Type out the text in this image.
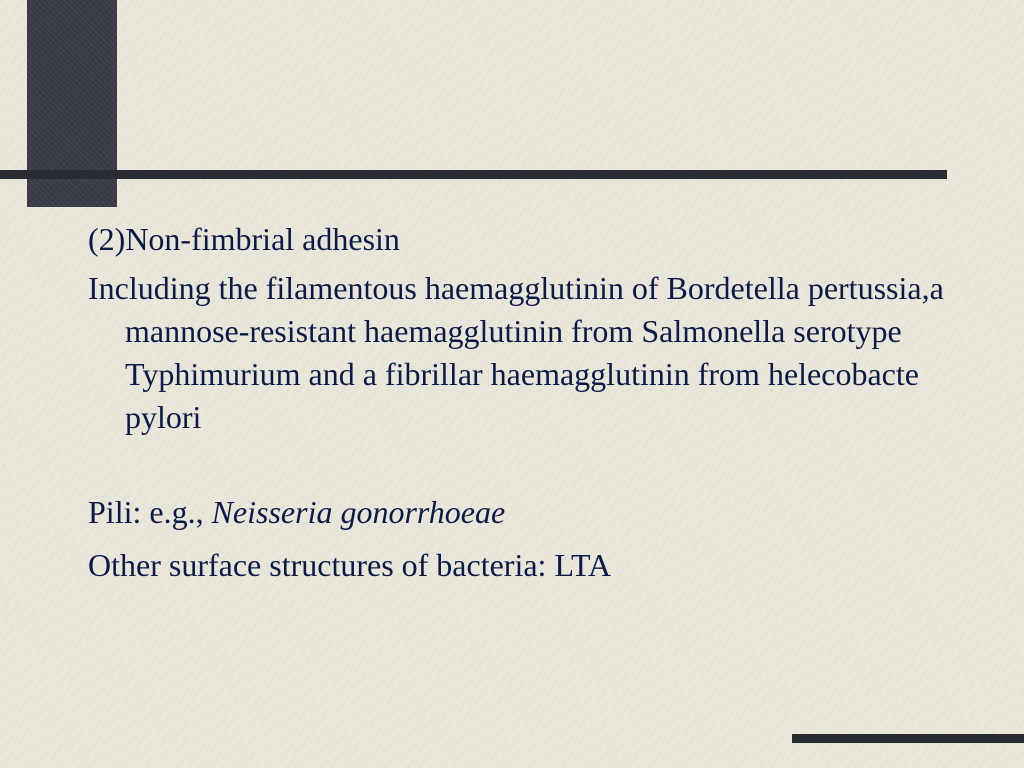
(2)Non-fimbrial adhesin

Including the filamentous haemagglutinin of Bordetella pertussia,a mannose-resistant haemagglutinin from Salmonella serotype Typhimurium and a fibrillar haemagglutinin from helecobacte pylori

Pili: e.g., Neisseria gonorrhoeae

Other surface structures of bacteria: LTA
